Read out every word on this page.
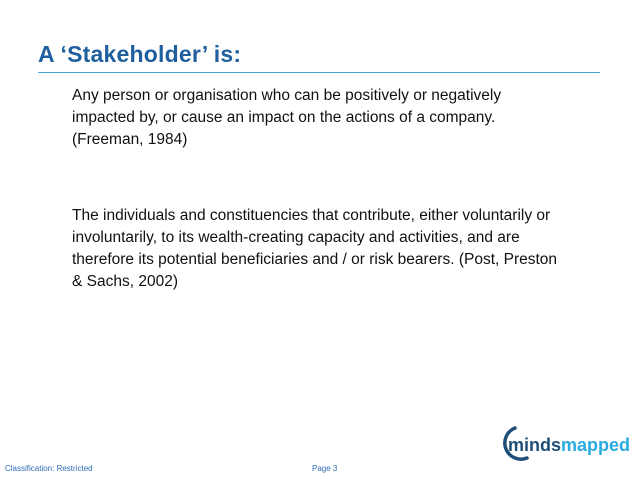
A ‘Stakeholder’ is:
Any person or organisation who can be positively or negatively impacted by, or cause an impact on the actions of a company. (Freeman, 1984)
The individuals and constituencies that contribute, either voluntarily or involuntarily, to its wealth-creating capacity and activities, and are therefore its potential beneficiaries and / or risk bearers. (Post, Preston & Sachs, 2002)
mindsmapped
Classification: Restricted	Page 3
